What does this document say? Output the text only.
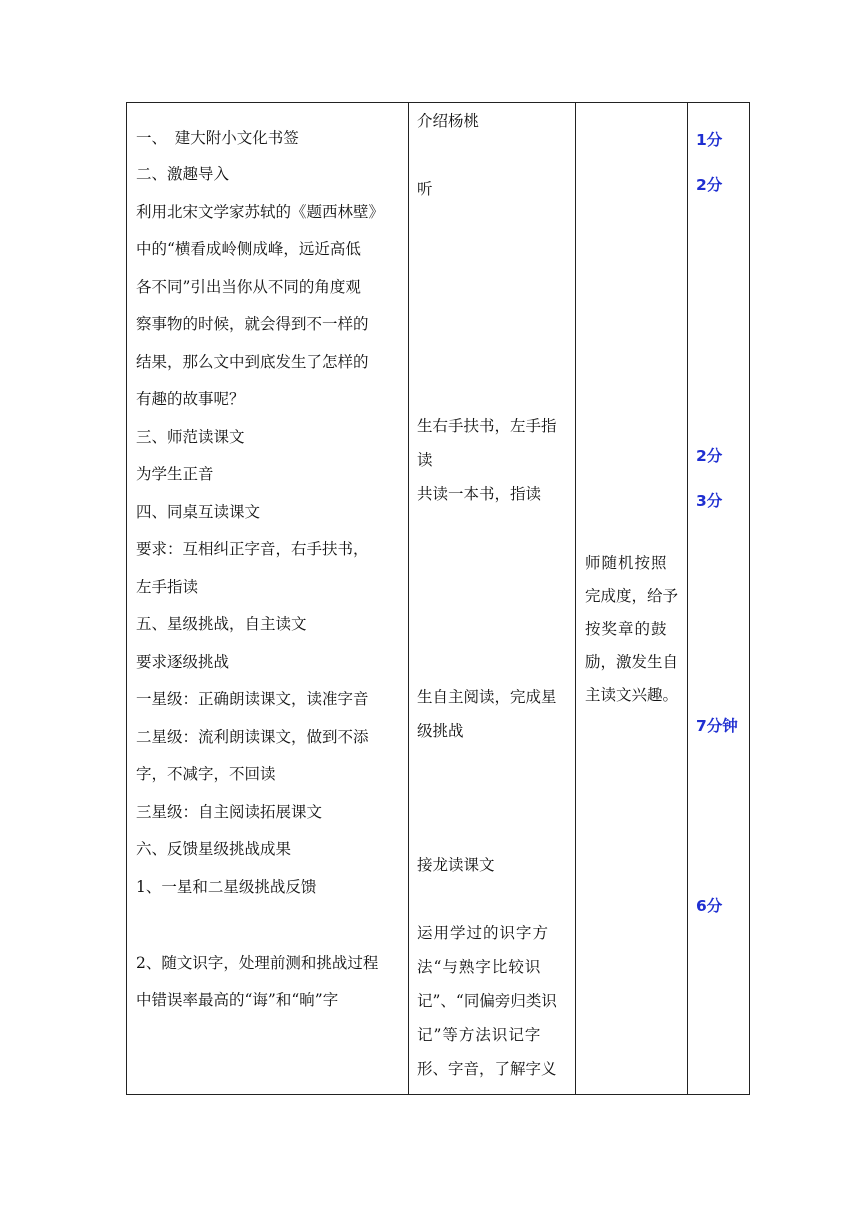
一、　建大附小文化书签
二、激趣导入
利用北宋文学家苏轼的《题西林壁》
中的“横看成岭侧成峰，远近高低
各不同”引出当你从不同的角度观
察事物的时候，就会得到不一样的
结果，那么文中到底发生了怎样的
有趣的故事呢？
三、师范读课文
为学生正音
四、同桌互读课文
要求：互相纠正字音，右手扶书，
左手指读
五、星级挑战，自主读文
要求逐级挑战
一星级：正确朗读课文，读准字音
二星级：流利朗读课文，做到不添
字，不减字，不回读
三星级：自主阅读拓展课文
六、反馈星级挑战成果
1、一星和二星级挑战反馈
2、随文识字，处理前测和挑战过程
中错误率最高的“诲”和“晌”字
介绍杨桃
听
生右手扶书，左手指
读
共读一本书，指读
生自主阅读，完成星
级挑战
接龙读课文
运用学过的识字方
法“与熟字比较识
记”、“同偏旁归类识
记”等方法识记字
形、字音，了解字义
师随机按照
完成度，给予
按奖章的鼓
励，激发生自
主读文兴趣。
1分
2分
2分
3分
7分钟
6分
